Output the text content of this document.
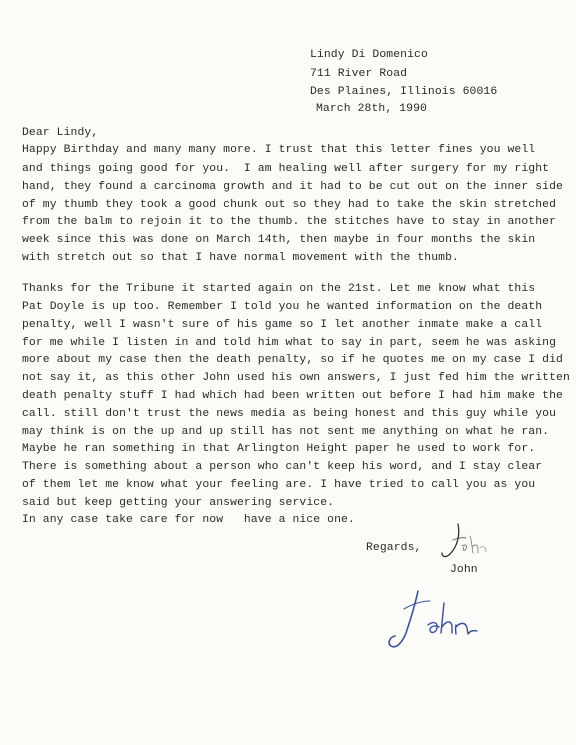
Lindy Di Domenico
711 River Road
Des Plaines, Illinois 60016
March 28th, 1990
Dear Lindy,
Happy Birthday and many many more. I trust that this letter fines you well
and things going good for you.  I am healing well after surgery for my right
hand, they found a carcinoma growth and it had to be cut out on the inner side
of my thumb they took a good chunk out so they had to take the skin stretched
from the balm to rejoin it to the thumb. the stitches have to stay in another
week since this was done on March 14th, then maybe in four months the skin
with stretch out so that I have normal movement with the thumb.
Thanks for the Tribune it started again on the 21st. Let me know what this
Pat Doyle is up too. Remember I told you he wanted information on the death
penalty, well I wasn't sure of his game so I let another inmate make a call
for me while I listen in and told him what to say in part, seem he was asking
more about my case then the death penalty, so if he quotes me on my case I did
not say it, as this other John used his own answers, I just fed him the written
death penalty stuff I had which had been written out before I had him make the
call. still don't trust the news media as being honest and this guy while you
may think is on the up and up still has not sent me anything on what he ran.
Maybe he ran something in that Arlington Height paper he used to work for.
There is something about a person who can't keep his word, and I stay clear
of them let me know what your feeling are. I have tried to call you as you
said but keep getting your answering service.
In any case take care for now   have a nice one.
Regards,
John
